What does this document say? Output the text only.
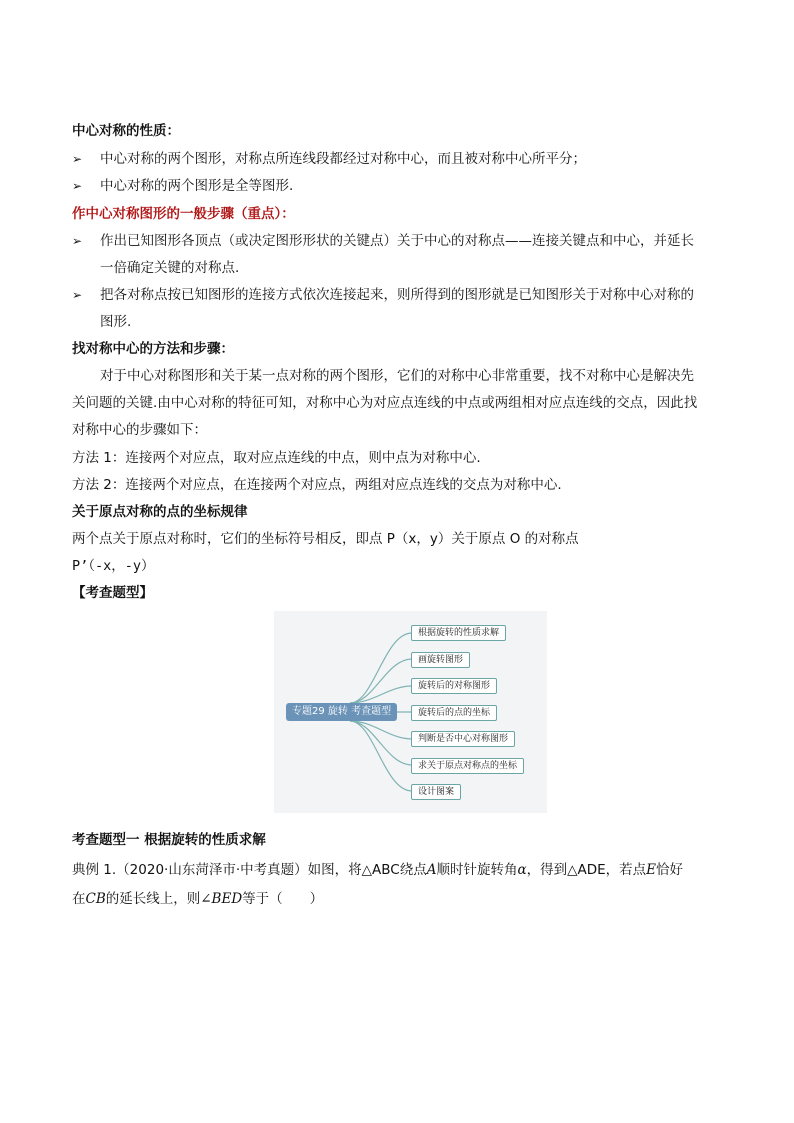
中心对称的性质：
➢ 中心对称的两个图形，对称点所连线段都经过对称中心，而且被对称中心所平分；
➢ 中心对称的两个图形是全等图形.
作中心对称图形的一般步骤（重点）：
➢ 作出已知图形各顶点（或决定图形形状的关键点）关于中心的对称点——连接关键点和中心，并延长
一倍确定关键的对称点.
➢ 把各对称点按已知图形的连接方式依次连接起来，则所得到的图形就是已知图形关于对称中心对称的
图形.
找对称中心的方法和步骤：
对于中心对称图形和关于某一点对称的两个图形，它们的对称中心非常重要，找不对称中心是解决先
关问题的关键.由中心对称的特征可知，对称中心为对应点连线的中点或两组相对应点连线的交点，因此找
对称中心的步骤如下：
方法 1：连接两个对应点，取对应点连线的中点，则中点为对称中心.
方法 2：连接两个对应点，在连接两个对应点，两组对应点连线的交点为对称中心.
关于原点对称的点的坐标规律
两个点关于原点对称时，它们的坐标符号相反，即点 P（x，y）关于原点 O 的对称点
P’（-x，-y）
【考查题型】
专题29 旋转 考查题型
根据旋转的性质求解
画旋转图形
旋转后的对称图形
旋转后的点的坐标
判断是否中心对称图形
求关于原点对称点的坐标
设计图案
考查题型一 根据旋转的性质求解
典例 1.（2020·山东菏泽市·中考真题）如图，将△ABC绕点A顺时针旋转角α，得到△ADE，若点E恰好
在CB的延长线上，则∠BED等于（　　）
